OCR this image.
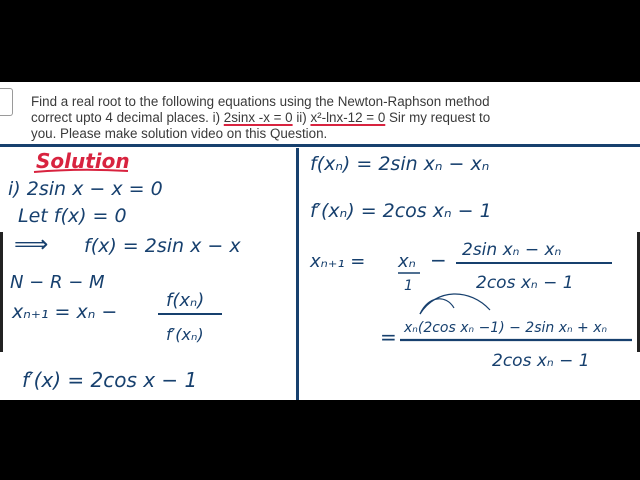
Find a real root to the following equations using the Newton-Raphson method
correct upto 4 decimal places. i) 2sinx -x = 0 ii) x²-lnx-12 = 0 Sir my request to
you. Please make solution video on this Question.
Solution
i) 2sin x − x = 0
Let f(x) = 0
⟹ f(x) = 2sin x − x
N − R − M
xₙ₊₁ = xₙ −
f(xₙ)
f′(xₙ)
f′(x) = 2cos x − 1
f(xₙ) = 2sin xₙ − xₙ
f′(xₙ) = 2cos xₙ − 1
xₙ₊₁ = xₙ
1
− 2sin xₙ − xₙ
2cos xₙ − 1
= xₙ(2cos xₙ −1) − 2sin xₙ + xₙ
2cos xₙ − 1
